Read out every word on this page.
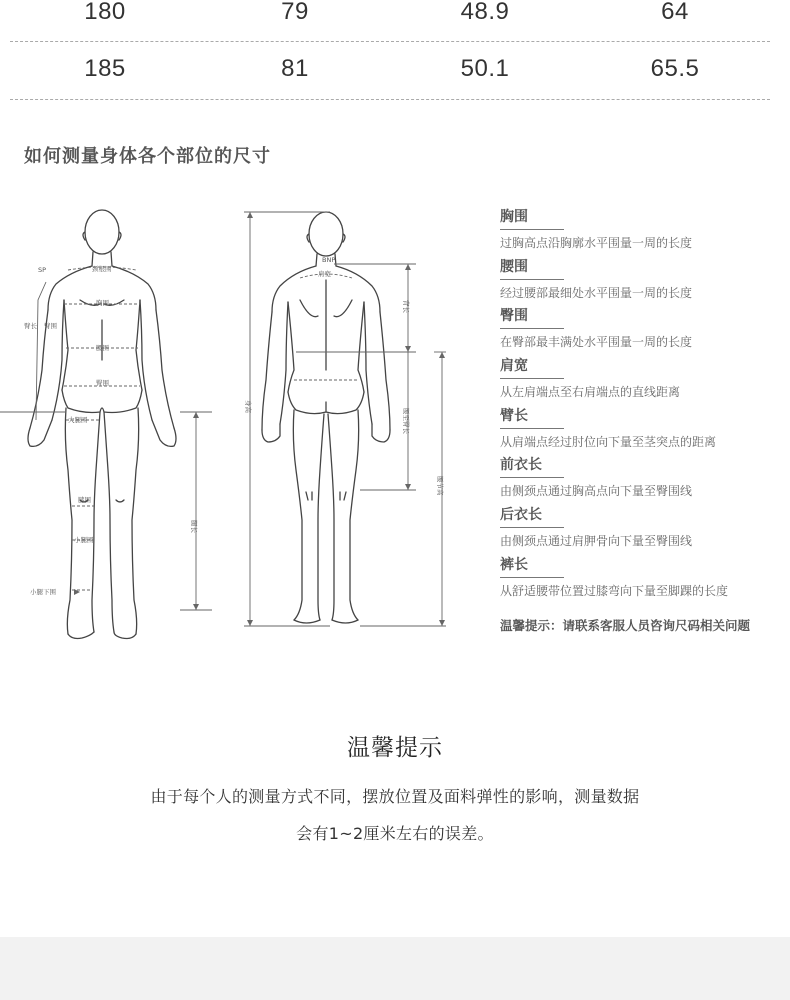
180	79	48.9	64
185	81	50.1	65.5
如何测量身体各个部位的尺寸
SP	颈根围
胸围
臂长 臂围
腰围
臀围
大腿围
膝围
小腿围
腿长
小腿下围
BNP
肩宽
背长
身高
腰至臀长
腰节高
胸围
过胸高点沿胸廓水平围量一周的长度
腰围
经过腰部最细处水平围量一周的长度
臀围
在臀部最丰满处水平围量一周的长度
肩宽
从左肩端点至右肩端点的直线距离
臂长
从肩端点经过肘位向下量至茎突点的距离
前衣长
由侧颈点通过胸高点向下量至臀围线
后衣长
由侧颈点通过肩胛骨向下量至臀围线
裤长
从舒适腰带位置过膝弯向下量至脚踝的长度
温馨提示：请联系客服人员咨询尺码相关问题
温馨提示
由于每个人的测量方式不同，摆放位置及面料弹性的影响，测量数据
会有1~2厘米左右的误差。
